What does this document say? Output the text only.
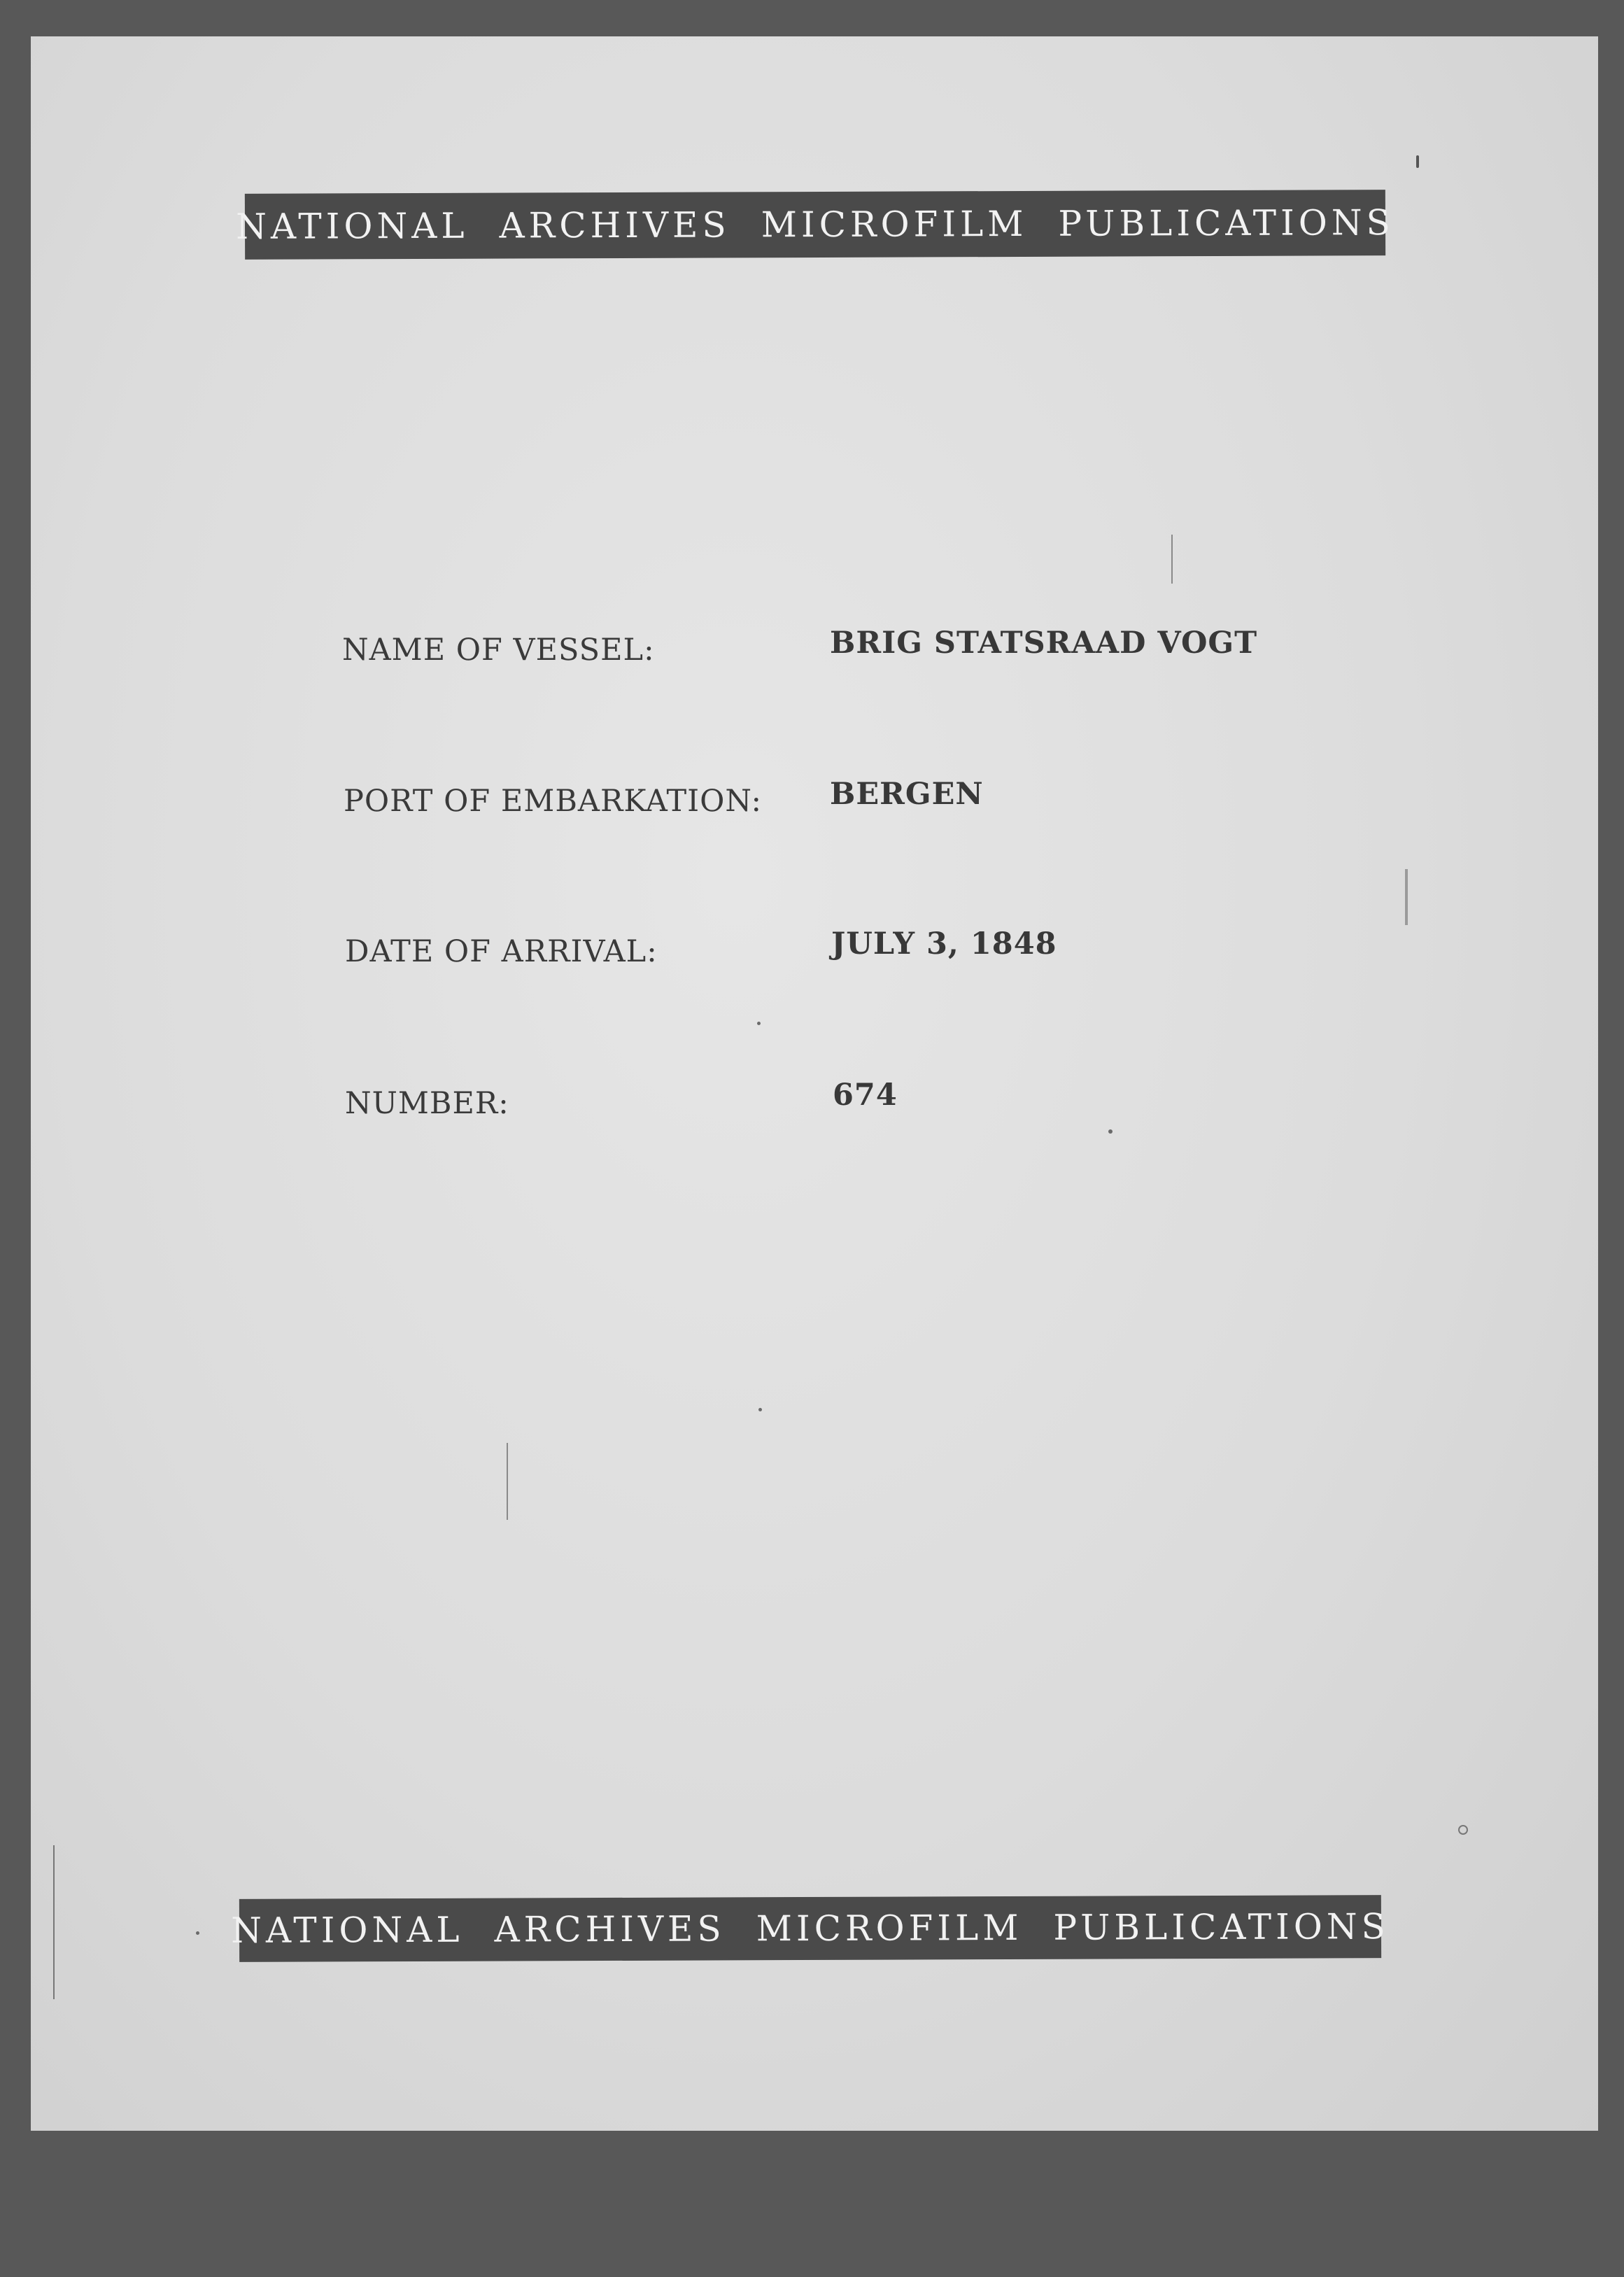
NATIONAL ARCHIVES MICROFILM PUBLICATIONS
NAME OF VESSEL:	BRIG STATSRAAD VOGT
PORT OF EMBARKATION: BERGEN
DATE OF ARRIVAL:	JULY 3, 1848
NUMBER:	674
NATIONAL ARCHIVES MICROFILM PUBLICATIONS
